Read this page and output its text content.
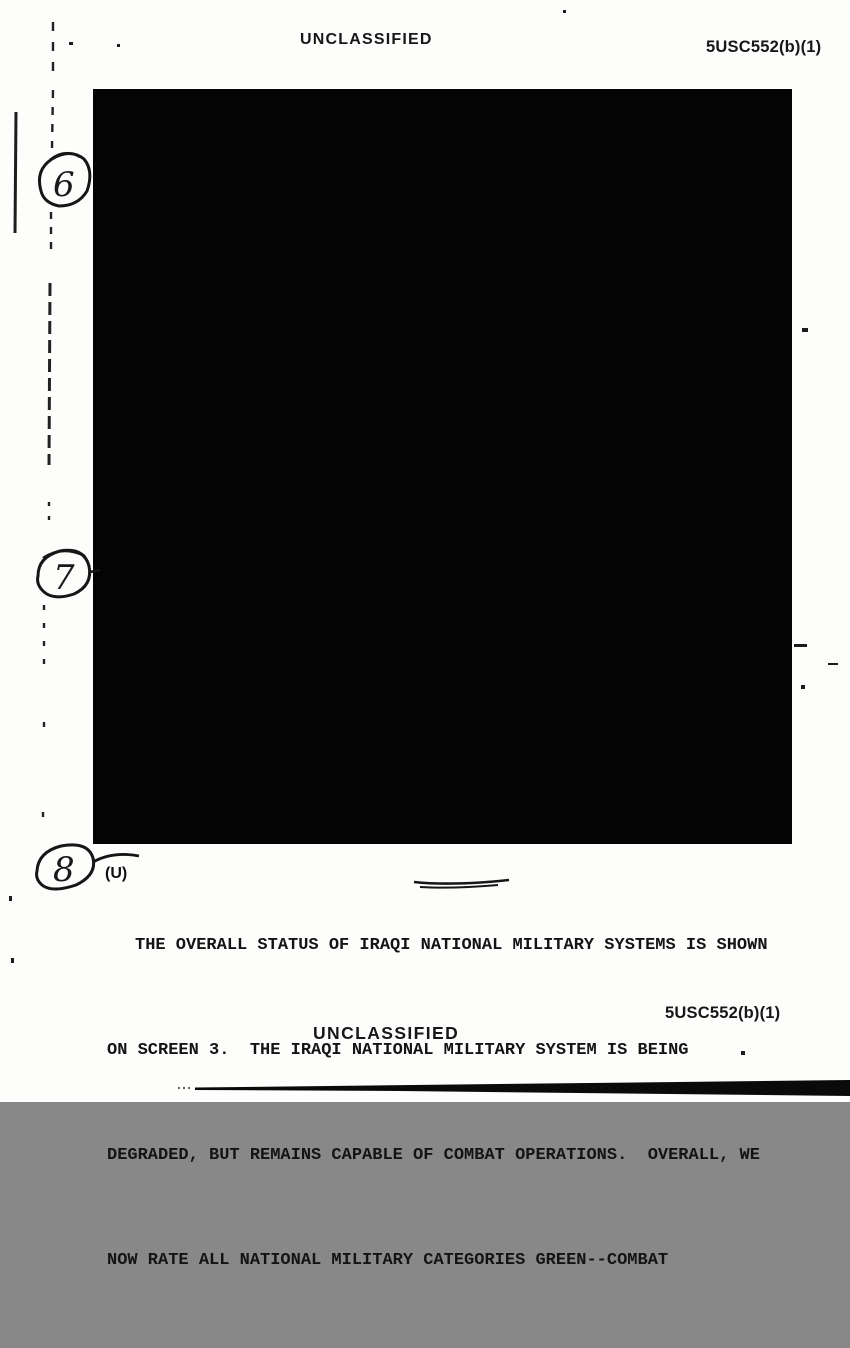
UNCLASSIFIED	5USC552(b)(1)
(U)

THE OVERALL STATUS OF IRAQI NATIONAL MILITARY SYSTEMS IS SHOWN

ON SCREEN 3.  THE IRAQI NATIONAL MILITARY SYSTEM IS BEING

DEGRADED, BUT REMAINS CAPABLE OF COMBAT OPERATIONS.  OVERALL, WE

NOW RATE ALL NATIONAL MILITARY CATEGORIES GREEN--COMBAT

5USC552(b)(1)
UNCLASSIFIED
6
7
8
